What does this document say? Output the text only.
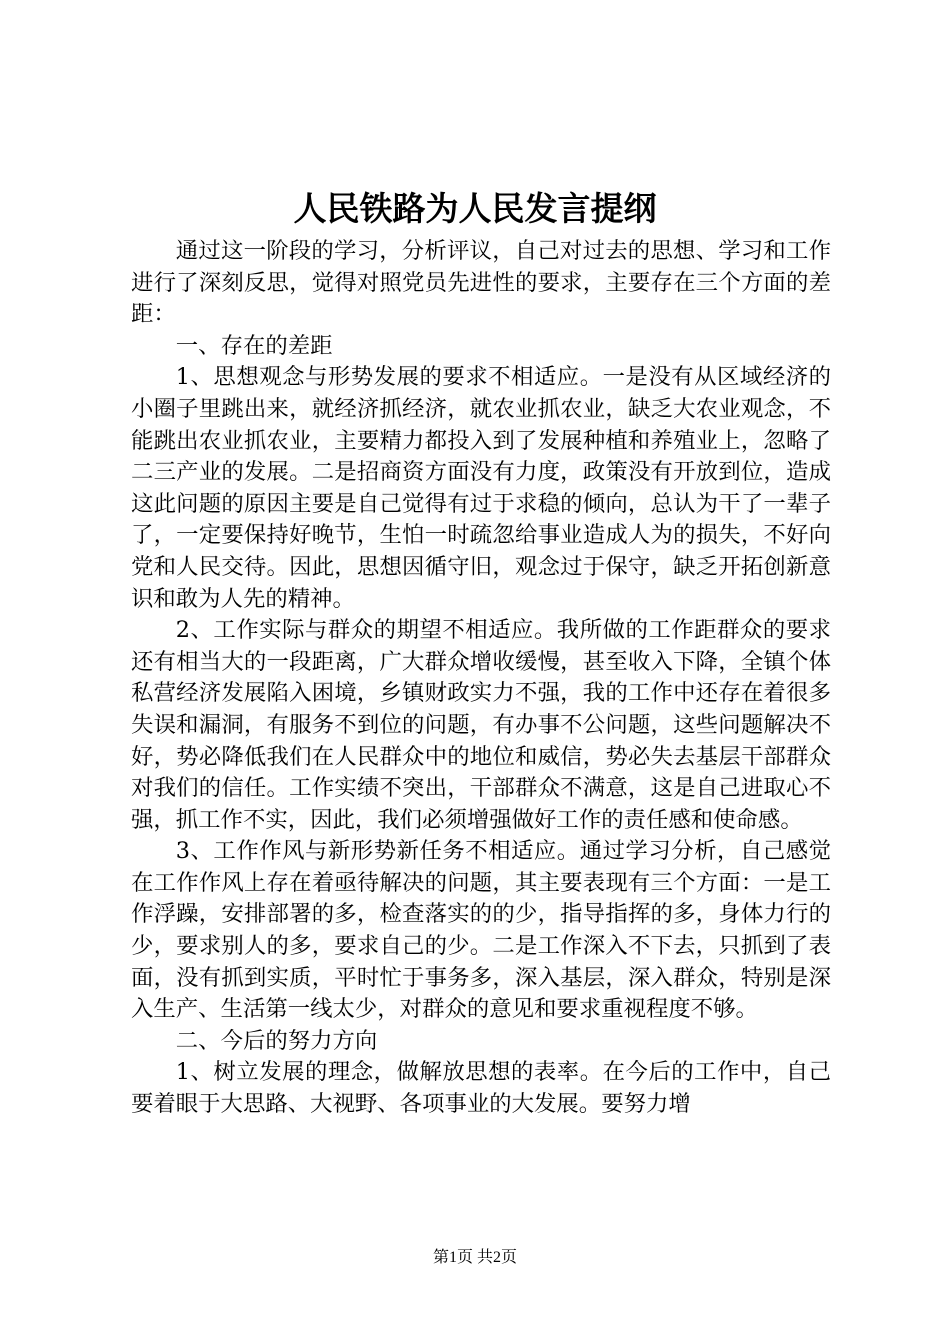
人民铁路为人民发言提纲

通过这一阶段的学习，分析评议，自己对过去的思想、学习和工作进行了深刻反思，觉得对照党员先进性的要求，主要存在三个方面的差距：

一、存在的差距

1、思想观念与形势发展的要求不相适应。一是没有从区域经济的小圈子里跳出来，就经济抓经济，就农业抓农业，缺乏大农业观念，不能跳出农业抓农业，主要精力都投入到了发展种植和养殖业上，忽略了二三产业的发展。二是招商资方面没有力度，政策没有开放到位，造成这此问题的原因主要是自己觉得有过于求稳的倾向，总认为干了一辈子了，一定要保持好晚节，生怕一时疏忽给事业造成人为的损失，不好向党和人民交待。因此，思想因循守旧，观念过于保守，缺乏开拓创新意识和敢为人先的精神。

2、工作实际与群众的期望不相适应。我所做的工作距群众的要求还有相当大的一段距离，广大群众增收缓慢，甚至收入下降，全镇个体私营经济发展陷入困境，乡镇财政实力不强，我的工作中还存在着很多失误和漏洞，有服务不到位的问题，有办事不公问题，这些问题解决不好，势必降低我们在人民群众中的地位和威信，势必失去基层干部群众对我们的信任。工作实绩不突出，干部群众不满意，这是自己进取心不强，抓工作不实，因此，我们必须增强做好工作的责任感和使命感。

3、工作作风与新形势新任务不相适应。通过学习分析，自己感觉在工作作风上存在着亟待解决的问题，其主要表现有三个方面：一是工作浮躁，安排部署的多，检查落实的的少，指导指挥的多，身体力行的少，要求别人的多，要求自己的少。二是工作深入不下去，只抓到了表面，没有抓到实质，平时忙于事务多，深入基层，深入群众，特别是深入生产、生活第一线太少，对群众的意见和要求重视程度不够。

二、今后的努力方向

1、树立发展的理念，做解放思想的表率。在今后的工作中，自己要着眼于大思路、大视野、各项事业的大发展。要努力增

第1页 共2页
